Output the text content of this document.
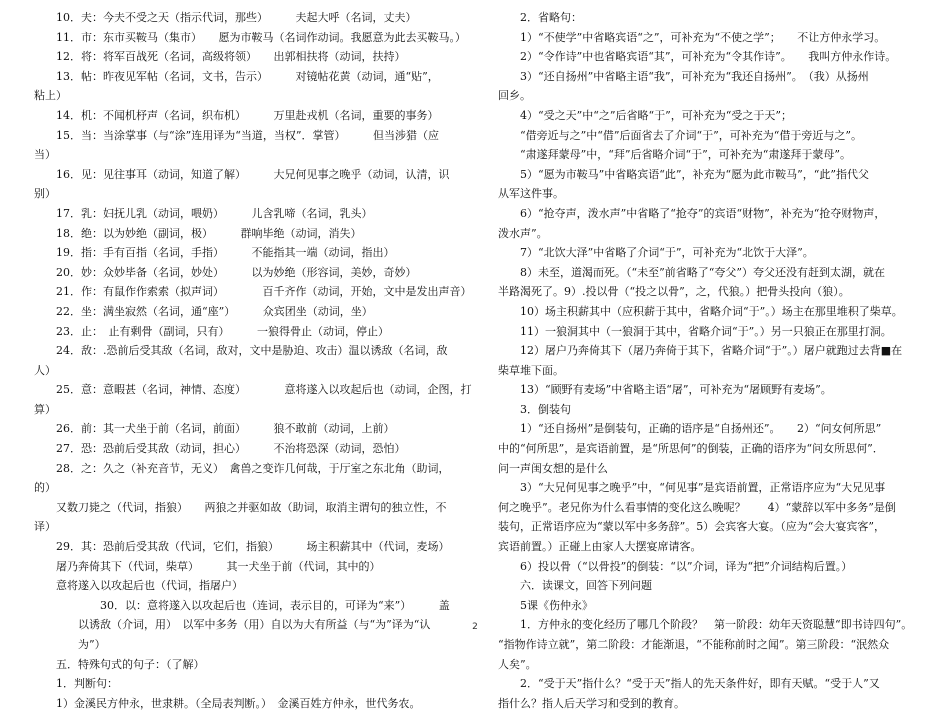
　　10．夫：今夫不受之天（指示代词，那些）　　　夫起大呼（名词，丈夫）
　　11．市：东市买鞍马（集市）　　愿为市鞍马（名词作动词。我愿意为此去买鞍马。）
　　12．将：将军百战死（名词，高级将领）　　出郭相扶将（动词，扶持）
　　13．帖：昨夜见军帖（名词，文书，告示）　　　对镜帖花黄（动词，通“贴”，
粘上）
　　14．机：不闻机杼声（名词，织布机）　　　万里赴戎机（名词，重要的事务）
　　15．当：当涂掌事（与“涂”连用译为“当道，当权”．掌管）　　　但当涉猎（应
当）
　　16．见：见往事耳（动词，知道了解）　　　大兄何见事之晚乎（动词，认清，识
别）
　　17．乳：妇抚儿乳（动词，喂奶）　　　儿含乳啼（名词，乳头）
　　18．绝：以为妙绝（副词，极）　　　群响毕绝（动词，消失）
　　19．指：手有百指（名词，手指）　　　不能指其一端（动词，指出）
　　20．妙：众妙毕备（名词，妙处）　　　以为妙绝（形容词，美妙，奇妙）
　　21．作：有鼠作作索索（拟声词）　　　　百千齐作（动词，开始，文中是发出声音）
　　22．坐：满坐寂然（名词，通“座”）　　　众宾团坐（动词，坐）
　　23．止：　止有剩骨（副词，只有）　　　一狼得骨止（动词，停止）
　　24．敌：.恐前后受其敌（名词，敌对，文中是胁迫、攻击）温以诱敌（名词，敌
人）
　　25．意：意暇甚（名词，神情、态度）　　　　意将遂入以攻起后也（动词，企图，打
算）
　　26．前：其一犬坐于前（名词，前面）　　　狼不敢前（动词，上前）
　　27．恐：恐前后受其敌（动词，担心）　　　不治将恐深（动词，恐怕）
　　28．之：久之（补充音节，无义）　禽兽之变诈几何哉，于厅室之东北角（助词，
的）
　　又数刀毙之（代词，指狼）　　两狼之并驱如故（助词，取消主谓句的独立性，不
译）
　　29．其：恐前后受其敌（代词，它们，指狼）　　　场主积薪其中（代词，麦场）
　　屠乃奔倚其下（代词，柴草）　　　其一犬坐于前（代词，其中的）
　　意将遂入以攻起后也（代词，指屠户）
　　　　　　30．以：意将遂入以攻起后也（连词，表示目的，可译为“来”）　　　盖
　　　　以诱敌（介词，用）　以军中多务（用）自以为大有所益（与“为”译为“认
　　　　为”）
　　五．特殊句式的句子：（了解）
　　1．判断句：
　　1）金溪民方仲永，世隶耕。（全局表判断。）　金溪百姓方仲永，世代务农。
　　2．省略句：
　　1）“不使学”中省略宾语“之”，可补充为“不使之学”；　　不让方仲永学习。
　　2）“令作诗”中也省略宾语“其”，可补充为“令其作诗”。　　我叫方仲永作诗。
　　3）“还自扬州”中省略主语“我”，可补充为“我还自扬州”。　（我）从扬州
回乡。
　　4）“受之天”中“之”后省略“于”，可补充为“受之于天”；
　　“借旁近与之”中“借”后面省去了介词“于”，可补充为“借于旁近与之”。
　　“肃遂拜蒙母”中，“拜”后省略介词“于”，可补充为“肃遂拜于蒙母”。
　　5）“愿为市鞍马”中省略宾语“此”，补充为“愿为此市鞍马”，“此”指代父
从军这件事。
　　6）“抢夺声，泼水声”中省略了“抢夺”的宾语“财物”，补充为“抢夺财物声，
泼水声”。
　　7）“北饮大泽”中省略了介词“于”，可补充为“北饮于大泽”。
　　8）未至，道渴而死。（“未至”前省略了“夸父”）夸父还没有赶到太湖，就在
半路渴死了。9）.投以骨（“投之以骨”，之，代狼。）把骨头投向（狼）。
　　10）场主积薪其中（应积薪于其中，省略介词“于”。）场主在那里堆积了柴草。
　　11）一狼洞其中（一狼洞于其中，省略介词“于”。）另一只狼正在那里打洞。
　　12）屠户乃奔倚其下（屠乃奔倚于其下，省略介词“于”。）屠户就跑过去背■在
柴草堆下面。
　　13）“顾野有麦场”中省略主语“屠”，可补充为“屠顾野有麦场”。
　　3．倒装句
　　1）“还自扬州”是倒装句，正确的语序是“自扬州还”。　　2）“问女何所思”
中的“何所思”，是宾语前置，是“所思何”的倒装，正确的语序为“问女所思何”．
问一声闺女想的是什么
　　3）“大兄何见事之晚乎”中，“何见事”是宾语前置，正常语序应为“大兄见事
何之晚乎”。老兄你为什么看事情的变化这么晚呢？　　4）“蒙辞以军中多务”是倒
装句，正常语序应为“蒙以军中多务辞”。5）会宾客大宴。（应为“会大宴宾客”，
宾语前置。）正碰上由家人大摆宴席请客。
　　6）投以骨（“以骨投”的倒装：“以”介词，译为“把”介词结构后置。）
　　六．读课文，回答下列问题
　　5课《伤仲永》
　　1．方仲永的变化经历了哪几个阶段？　第一阶段：幼年天资聪慧“即书诗四句”。
“指物作诗立就”，第二阶段：才能渐退，“不能称前时之闻”。第三阶段：“泯然众
人矣”。
　　2．“受于天”指什么？“受于天”指人的先天条件好，即有天赋。“受于人”又
指什么？指人后天学习和受到的教育。
2
